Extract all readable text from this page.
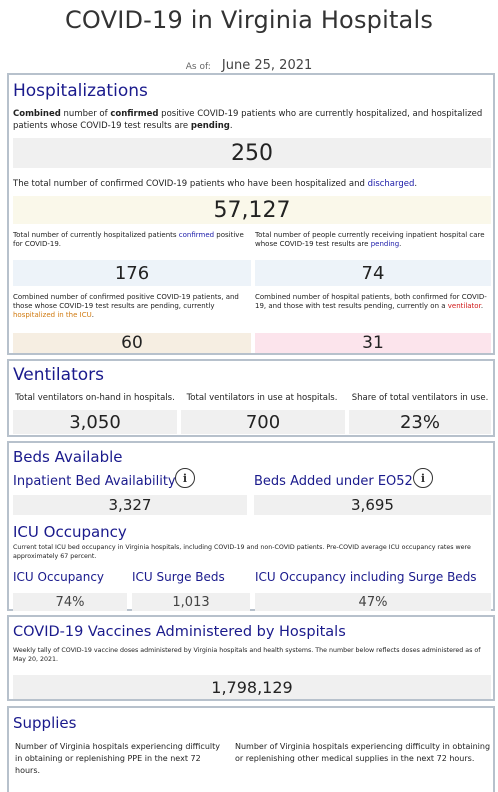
COVID-19 in Virginia Hospitals
As of: June 25, 2021
Hospitalizations
Combined number of confirmed positive COVID-19 patients who are currently hospitalized, and hospitalized patients whose COVID-19 test results are pending.
250
The total number of confirmed COVID-19 patients who have been hospitalized and discharged.
57,127
Total number of currently hospitalized patients confirmed positive for COVID-19.
176
Total number of people currently receiving inpatient hospital care whose COVID-19 test results are pending.
74
Combined number of confirmed positive COVID-19 patients, and those whose COVID-19 test results are pending, currently hospitalized in the ICU.
60
Combined number of hospital patients, both confirmed for COVID-19, and those with test results pending, currently on a ventilator.
31
Ventilators
Total ventilators on-hand in hospitals.
3,050
Total ventilators in use at hospitals.
700
Share of total ventilators in use.
23%
Beds Available
Inpatient Bed Availability i
3,327
Beds Added under EO52 i
3,695
ICU Occupancy
Current total ICU bed occupancy in Virginia hospitals, including COVID-19 and non-COVID patients. Pre-COVID average ICU occupancy rates were approximately 67 percent.
ICU Occupancy
74%
ICU Surge Beds
1,013
ICU Occupancy including Surge Beds
47%
COVID-19 Vaccines Administered by Hospitals
Weekly tally of COVID-19 vaccine doses administered by Virginia hospitals and health systems. The number below reflects doses administered as of May 20, 2021.
1,798,129
Supplies
Number of Virginia hospitals experiencing difficulty in obtaining or replenishing PPE in the next 72 hours.
Number of Virginia hospitals experiencing difficulty in obtaining or replenishing other medical supplies in the next 72 hours.
